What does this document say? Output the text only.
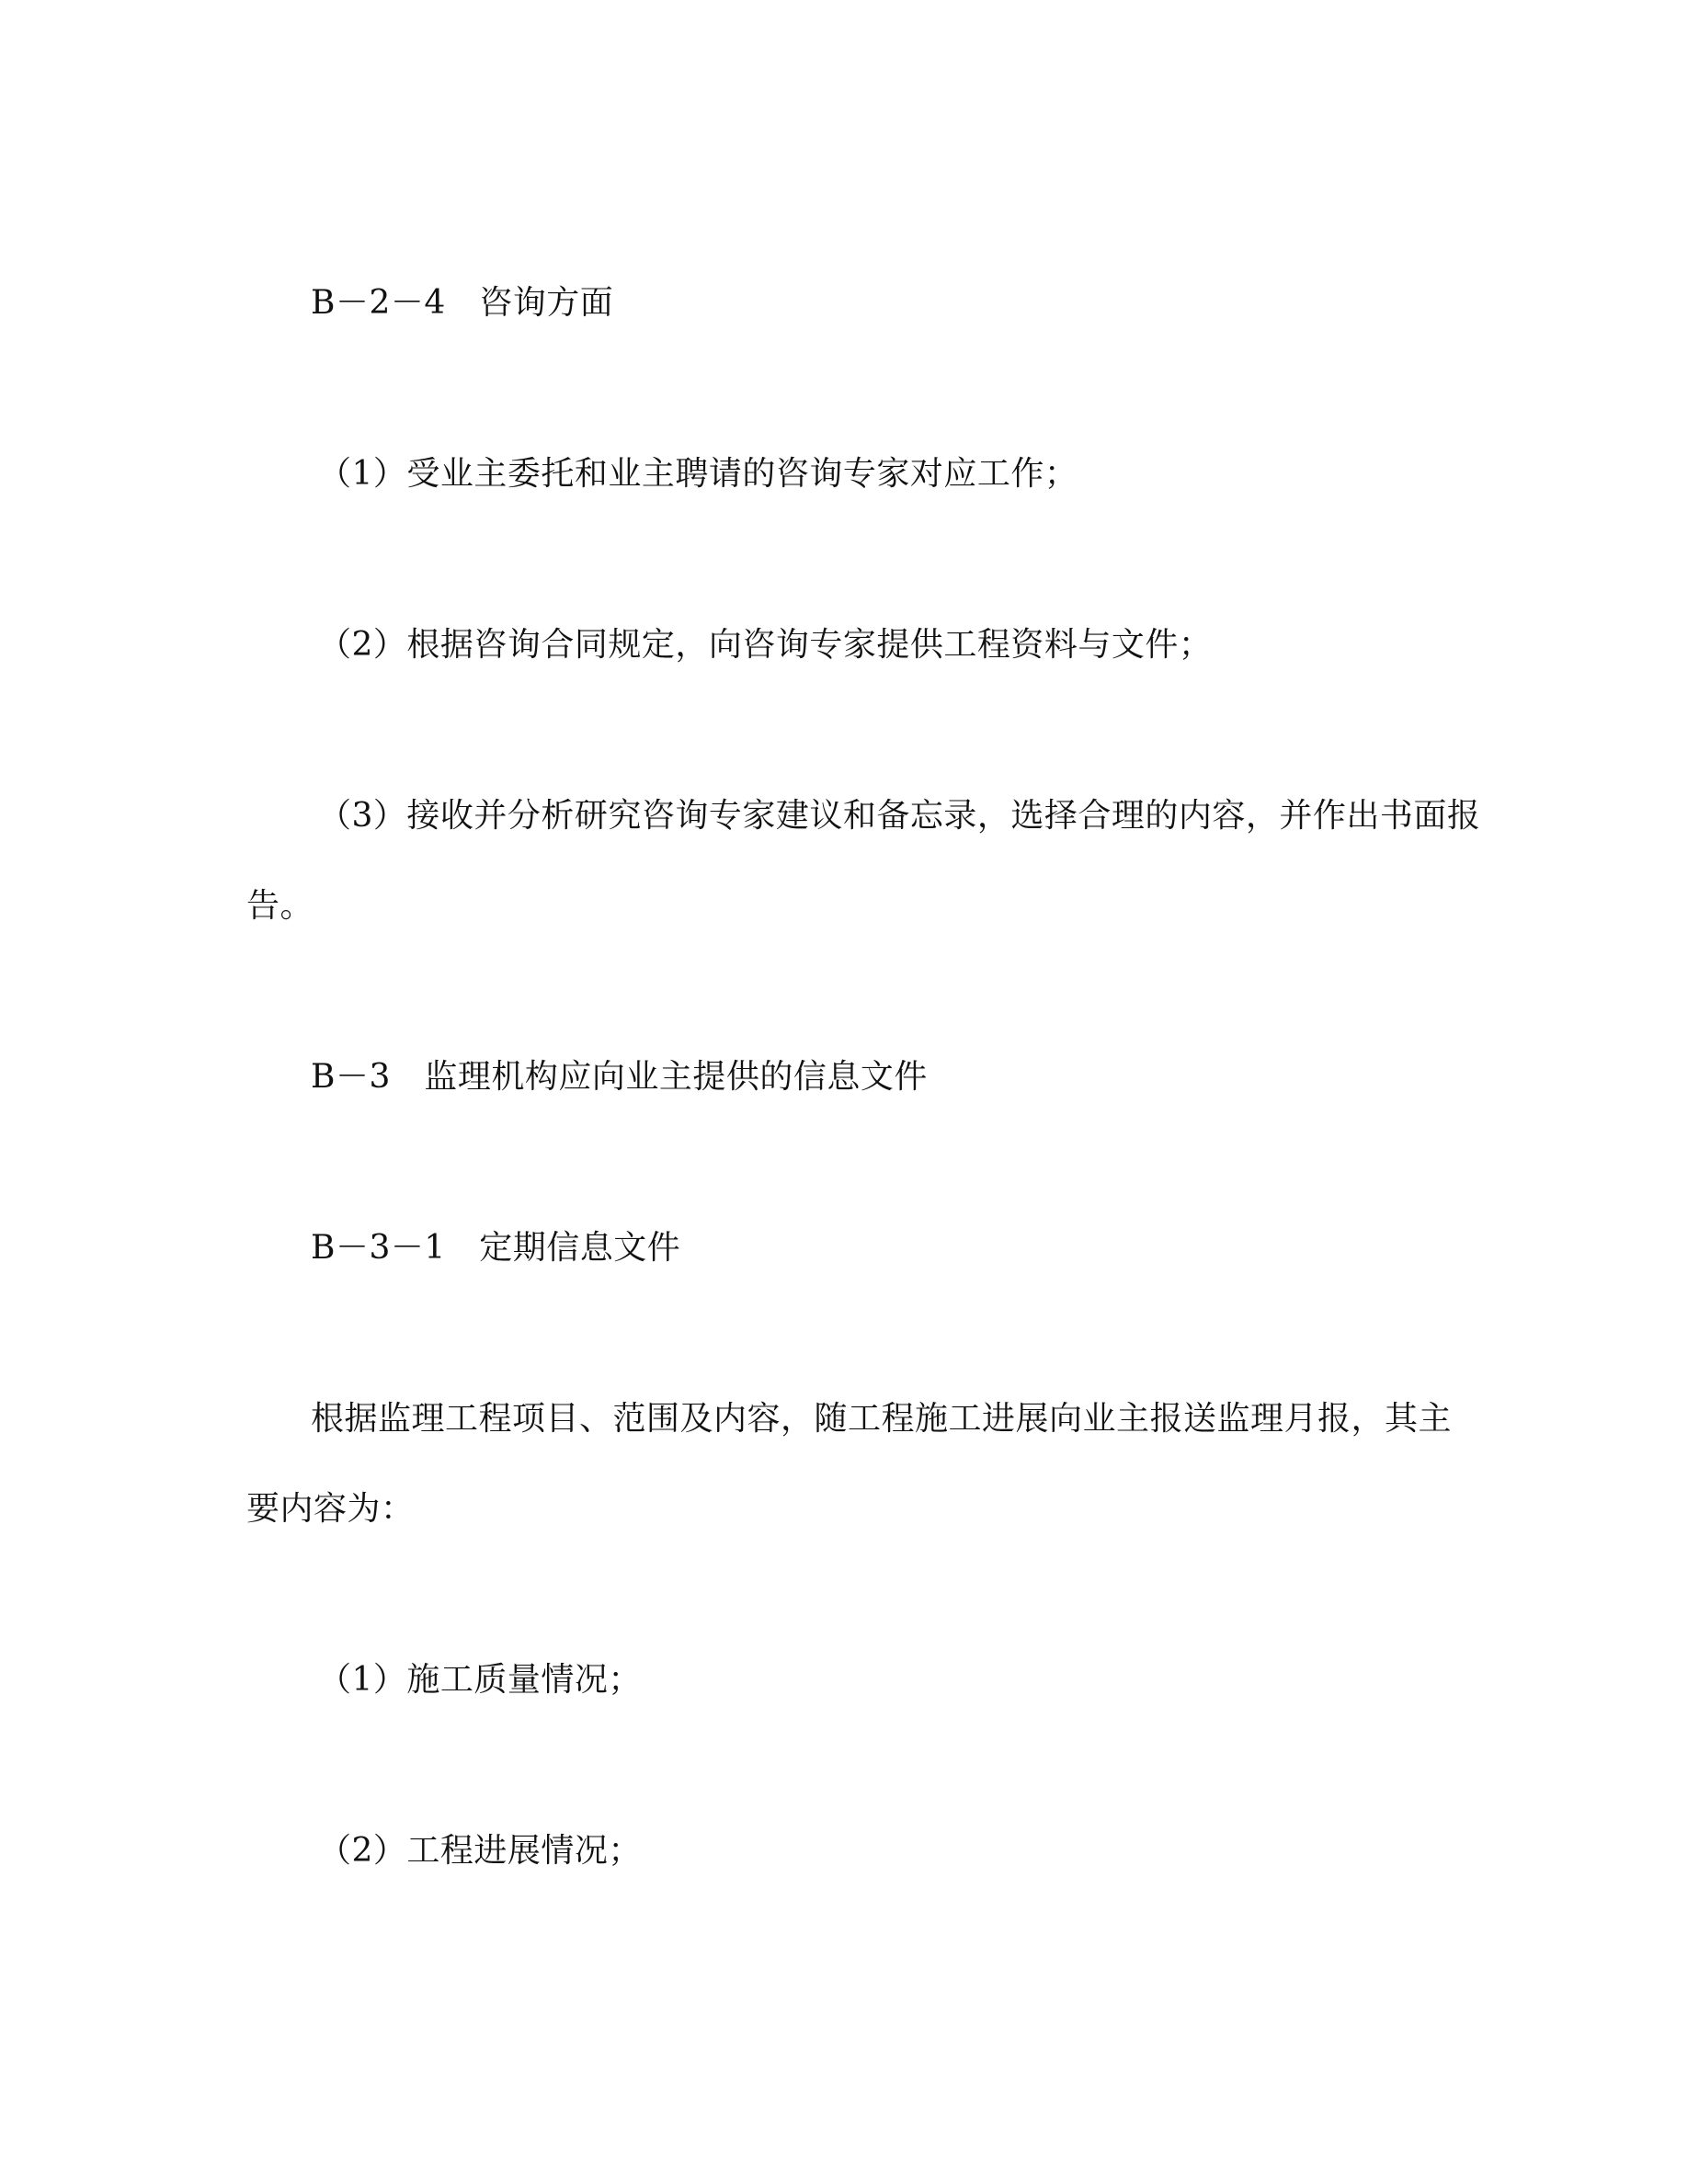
B－2－4　咨询方面
（1）受业主委托和业主聘请的咨询专家对应工作；
（2）根据咨询合同规定，向咨询专家提供工程资料与文件；
（3）接收并分析研究咨询专家建议和备忘录，选择合理的内容，并作出书面报
告。
B－3　监理机构应向业主提供的信息文件
B－3－1　定期信息文件
根据监理工程项目、范围及内容，随工程施工进展向业主报送监理月报，其主
要内容为：
（1）施工质量情况；
（2）工程进展情况；
